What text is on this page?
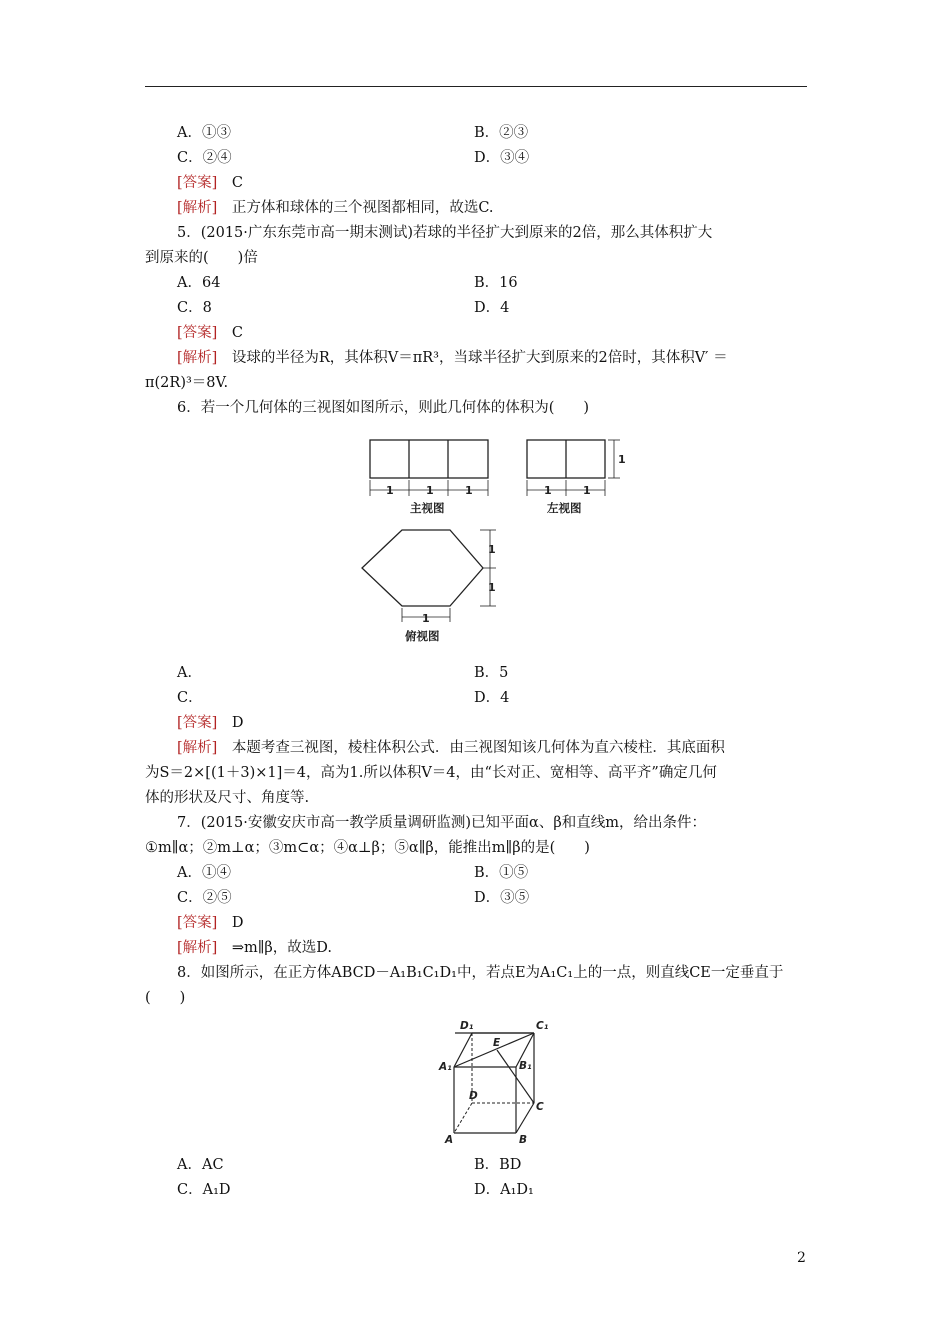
A．①③	B．②③
C．②④	D．③④
[答案]　 C
[解析]　 正方体和球体的三个视图都相同，故选C.
5．(2015·广东东莞市高一期末测试)若球的半径扩大到原来的2倍，那么其体积扩大
到原来的(　　)倍
A．64	B．16
C．8	D．4
[答案]　 C
[解析]　 设球的半径为R，其体积V＝πR³，当球半径扩大到原来的2倍时，其体积V′ ＝
π(2R)³＝8V.
6．若一个几何体的三视图如图所示，则此几何体的体积为(　　)
1	1	1	1	1
1
1
1
1
主视图	左视图
俯视图
A．	B．5
C．	D．4
[答案]　 D
[解析]　 本题考查三视图，棱柱体积公式．由三视图知该几何体为直六棱柱．其底面积
为S＝2×[(1＋3)×1]＝4，高为1.所以体积V＝4，由“长对正、宽相等、高平齐”确定几何
体的形状及尺寸、角度等.
7．(2015·安徽安庆市高一教学质量调研监测)已知平面α、β和直线m，给出条件：
①m∥α；②m⊥α；③m⊂α；④α⊥β；⑤α∥β，能推出m∥β的是(　　)
A．①④	B．①⑤
C．②⑤	D．③⑤
[答案]　 D
[解析]　 ⇒m∥β，故选D.
8．如图所示，在正方体ABCD－A₁B₁C₁D₁中，若点E为A₁C₁上的一点，则直线CE一定垂直于
(　　)
D₁	C₁
E
A₁	B₁
D
C
A	B
A．AC	B．BD
C．A₁D	D．A₁D₁
2
